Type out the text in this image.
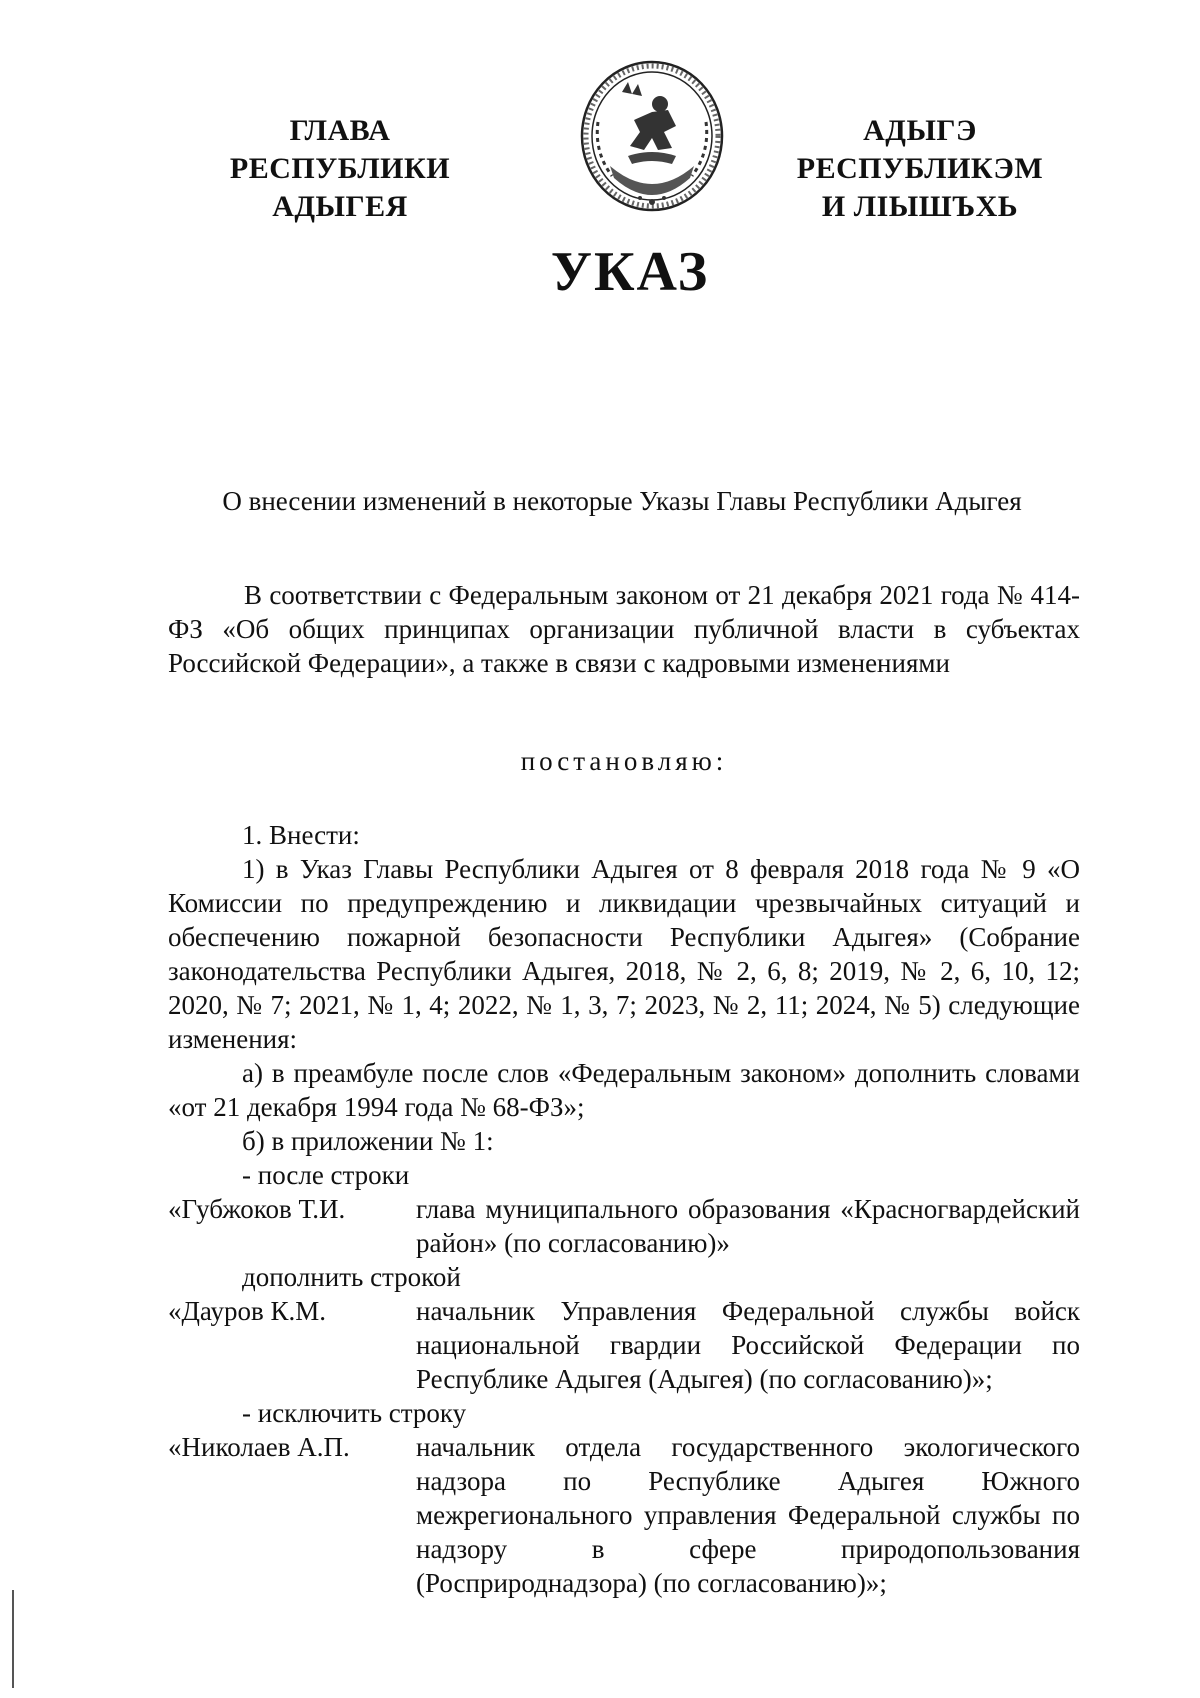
ГЛАВА
РЕСПУБЛИКИ АДЫГЕЯ
АДЫГЭ РЕСПУБЛИКЭМ
И ЛІЫШЪХЬ
УКАЗ
О внесении изменений в некоторые Указы Главы Республики Адыгея

В соответствии с Федеральным законом от 21 декабря 2021 года № 414-ФЗ «Об общих принципах организации публичной власти в субъектах Российской Федерации», а также в связи с кадровыми изменениями

постановляю:

1. Внести:

1) в Указ Главы Республики Адыгея от 8 февраля 2018 года № 9 «О Комиссии по предупреждению и ликвидации чрезвычайных ситуаций и обеспечению пожарной безопасности Республики Адыгея» (Собрание законодательства Республики Адыгея, 2018, № 2, 6, 8; 2019, № 2, 6, 10, 12; 2020, № 7; 2021, № 1, 4; 2022, № 1, 3, 7; 2023, № 2, 11; 2024, № 5) следующие изменения:

а) в преамбуле после слов «Федеральным законом» дополнить словами «от 21 декабря 1994 года № 68-ФЗ»;

б) в приложении № 1:

- после строки

«Губжоков Т.И.	глава муниципального образования «Красногвардейский район» (по согласованию)»

дополнить строкой

«Дауров К.М.	начальник Управления Федеральной службы войск национальной гвардии Российской Федерации по Республике Адыгея (Адыгея) (по согласованию)»;

- исключить строку

«Николаев А.П.	начальник отдела государственного экологического надзора по Республике Адыгея Южного межрегионального управления Федеральной службы по надзору в сфере природопользования (Росприроднадзора) (по согласованию)»;
